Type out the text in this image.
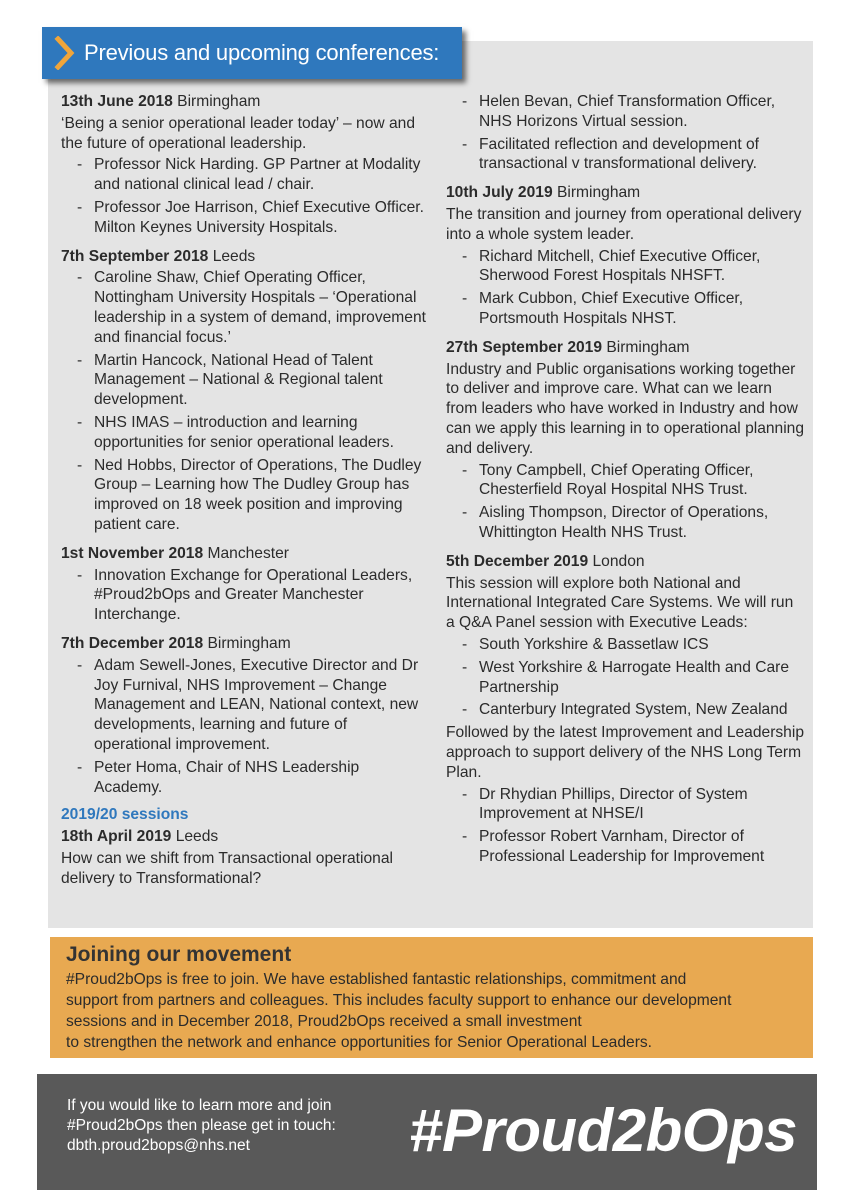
Previous and upcoming conferences:
13th June 2018 Birmingham
‘Being a senior operational leader today’ – now and the future of operational leadership.
- Professor Nick Harding. GP Partner at Modality and national clinical lead / chair.
- Professor Joe Harrison, Chief Executive Officer. Milton Keynes University Hospitals.
7th September 2018 Leeds
- Caroline Shaw, Chief Operating Officer, Nottingham University Hospitals – ‘Operational leadership in a system of demand, improvement and financial focus.’
- Martin Hancock, National Head of Talent Management – National & Regional talent development.
- NHS IMAS – introduction and learning opportunities for senior operational leaders.
- Ned Hobbs, Director of Operations, The Dudley Group – Learning how The Dudley Group has improved on 18 week position and improving patient care.
1st November 2018 Manchester
- Innovation Exchange for Operational Leaders, #Proud2bOps and Greater Manchester Interchange.
7th December 2018 Birmingham
- Adam Sewell-Jones, Executive Director and Dr Joy Furnival, NHS Improvement – Change Management and LEAN, National context, new developments, learning and future of operational improvement.
- Peter Homa, Chair of NHS Leadership Academy.
2019/20 sessions
18th April 2019 Leeds
How can we shift from Transactional operational delivery to Transformational?
- Helen Bevan, Chief Transformation Officer, NHS Horizons Virtual session.
- Facilitated reflection and development of transactional v transformational delivery.
10th July 2019 Birmingham
The transition and journey from operational delivery into a whole system leader.
- Richard Mitchell, Chief Executive Officer, Sherwood Forest Hospitals NHSFT.
- Mark Cubbon, Chief Executive Officer, Portsmouth Hospitals NHST.
27th September 2019 Birmingham
Industry and Public organisations working together to deliver and improve care. What can we learn from leaders who have worked in Industry and how can we apply this learning in to operational planning and delivery.
- Tony Campbell, Chief Operating Officer, Chesterfield Royal Hospital NHS Trust.
- Aisling Thompson, Director of Operations, Whittington Health NHS Trust.
5th December 2019 London
This session will explore both National and International Integrated Care Systems. We will run a Q&A Panel session with Executive Leads:
- South Yorkshire & Bassetlaw ICS
- West Yorkshire & Harrogate Health and Care Partnership
- Canterbury Integrated System, New Zealand
Followed by the latest Improvement and Leadership approach to support delivery of the NHS Long Term Plan.
- Dr Rhydian Phillips, Director of System Improvement at NHSE/I
- Professor Robert Varnham, Director of Professional Leadership for Improvement
Joining our movement
#Proud2bOps is free to join. We have established fantastic relationships, commitment and
support from partners and colleagues. This includes faculty support to enhance our development
sessions and in December 2018, Proud2bOps received a small investment
to strengthen the network and enhance opportunities for Senior Operational Leaders.
If you would like to learn more and join
#Proud2bOps then please get in touch:
dbth.proud2bops@nhs.net	#Proud2bOps
